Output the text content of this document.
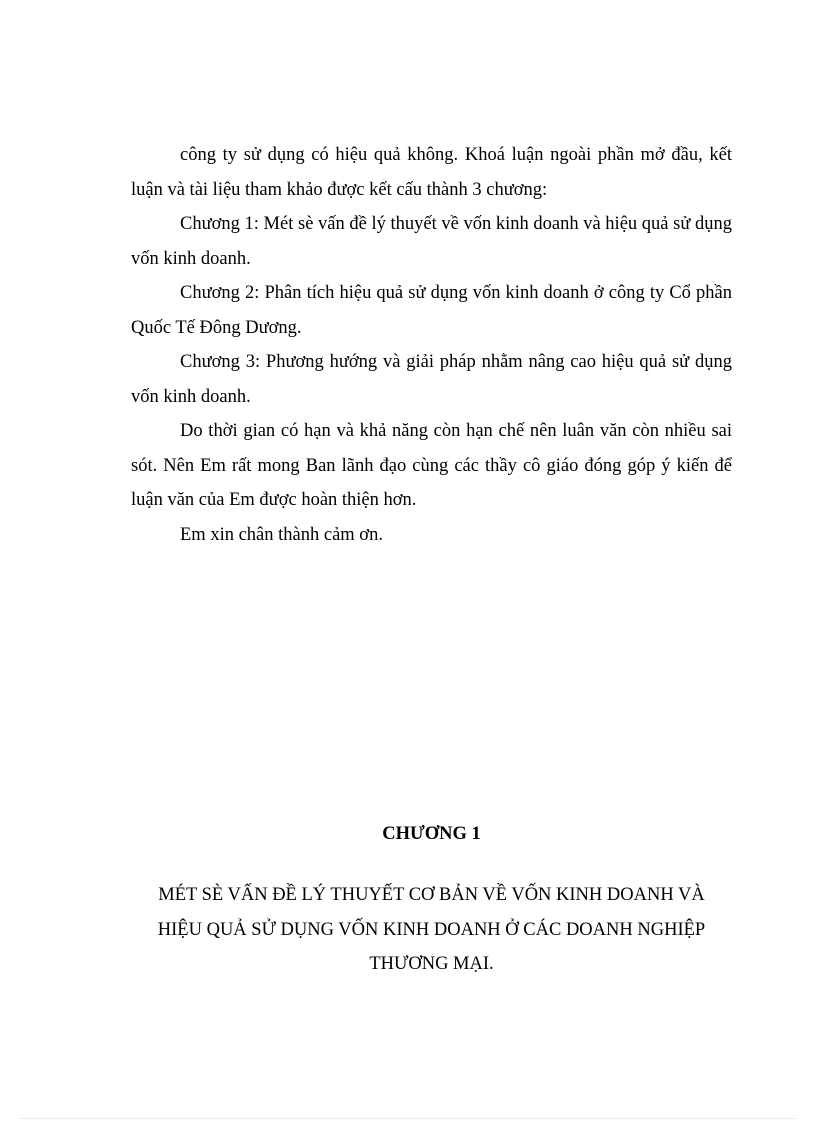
công ty sử dụng có hiệu quả không. Khoá luận ngoài phần mở đầu, kết luận và tài liệu tham khảo được kết cấu thành 3 chương:

Chương 1: Mét sè vấn đề lý thuyết về vốn kinh doanh và hiệu quả sử dụng vốn kinh doanh.

Chương 2: Phân tích hiệu quả sử dụng vốn kinh doanh ở công ty Cổ phần Quốc Tế Đông Dương.

Chương 3: Phương hướng và giải pháp nhằm nâng cao hiệu quả sử dụng vốn kinh doanh.

Do thời gian có hạn và khả năng còn hạn chế nên luân văn còn nhiều sai sót. Nên Em rất mong Ban lãnh đạo cùng các thầy cô giáo đóng góp ý kiến để luận văn của Em được hoàn thiện hơn.

Em xin chân thành cảm ơn.

CHƯƠNG 1
MÉT SÈ VẤN ĐỀ LÝ THUYẾT CƠ BẢN VỀ VỐN KINH DOANH VÀ HIỆU QUẢ SỬ DỤNG VỐN KINH DOANH Ở CÁC DOANH NGHIỆP THƯƠNG MẠI.
